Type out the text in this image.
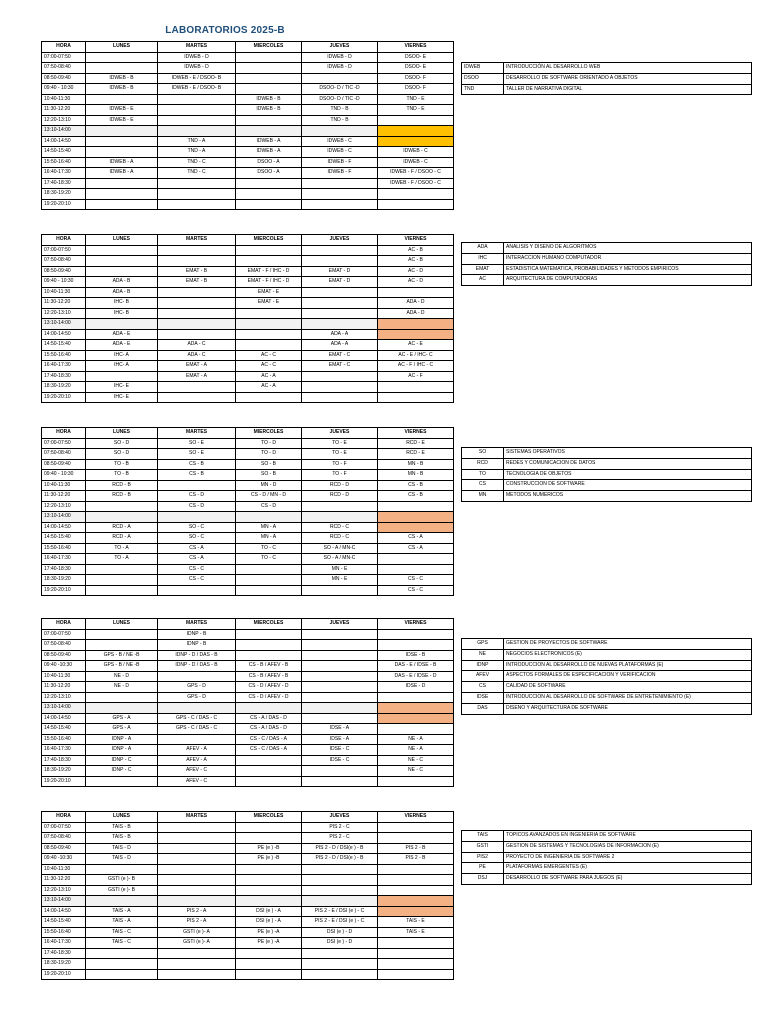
LABORATORIOS 2025-B
HORA	LUNES	MARTES	MIERCOLES	JUEVES	VIERNES
07:00-07:50		IDWEB - D		IDWEB - D	DSOO- E
07:50-08:40		IDWEB - D		IDWEB - D	DSOO- E
08:50-09:40	IDWEB - B	IDWEB - E / DSOO- B			DSOO- F
09:40 - 10:30	IDWEB - B	IDWEB - E / DSOO- B		DSOO- D / TIC -D	DSOO- F
10:40-11:30			IDWEB - B	DSOO- D / TIC -D	TND - E
11:30-12:20	IDWEB - E		IDWEB - B	TND - B	TND - E
12:20-13:10	IDWEB - E			TND - B	
13:10-14:00					
14:00-14:50		TND - A	IDWEB - A	IDWEB - C	
14:50-15:40		TND - A	IDWEB - A	IDWEB - C	IDWEB - C
15:50-16:40	IDWEB - A	TND - C	DSOO - A	IDWEB - F	IDWEB - C
16:40-17:30	IDWEB - A	TND - C	DSOO - A	IDWEB - F	IDWEB - F / DSOO - C
17:40-18:30					IDWEB - F / DSOO - C
18:30-19:20					
19:20-20:10					
IDWEB	INTRODUCCIÓN AL DESARROLLO WEB
DSOO	DESARROLLO DE SOFTWARE ORIENTADO A OBJETOS
TND	TALLER DE NARRATIVA DIGITAL
HORA	LUNES	MARTES	MIERCOLES	JUEVES	VIERNES
07:00-07:50					AC - B
07:50-08:40					AC - B
08:50-09:40		EMAT - B	EMAT - F / IHC - D	EMAT - D	AC - D
09:40 - 10:30	ADA - B	EMAT - B	EMAT - F / IHC - D	EMAT - D	AC - D
10:40-11:30	ADA - B		EMAT - E		
11:30-12:20	IHC- B		EMAT - E		ADA - D
12:20-13:10	IHC- B				ADA - D
13:10-14:00					
14:00-14:50	ADA - E			ADA - A	
14:50-15:40	ADA - E	ADA - C		ADA - A	AC - E
15:50-16:40	IHC- A	ADA - C	AC - C	EMAT - C	AC - E / IHC- C
16:40-17:30	IHC- A	EMAT - A	AC - C	EMAT - C	AC - F / IHC - C
17:40-18:30		EMAT - A	AC - A		AC - F
18:30-19:20	IHC- E		AC - A		
19:20-20:10	IHC- E				
ADA	ANALISIS Y DISENO DE ALGORITMOS
IHC	INTERACCION HUMANO COMPUTADOR
EMAT	ESTADISTICA MATEMATICA, PROBABILIDADES Y METODOS EMPIRICOS
AC	ARQUITECTURA DE COMPUTADORAS
HORA	LUNES	MARTES	MIERCOLES	JUEVES	VIERNES
07:00-07:50	SO - D	SO - E	TO - D	TO - E	RCD - E
07:50-08:40	SO - D	SO - E	TO - D	TO - E	RCD - E
08:50-09:40	TO - B	CS - B	SO - B	TO - F	MN - B
09:40 - 10:30	TO - B	CS - B	SO - B	TO - F	MN - B
10:40-11:30	RCD - B		MN - D	RCD - D	CS - B
11:30-12:20	RCD - B	CS - D	CS - D / MN - D	RCD - D	CS - B
12:20-13:10		CS - D	CS - D		
13:10-14:00					
14:00-14:50	RCD - A	SO - C	MN - A	RCD - C	
14:50-15:40	RCD - A	SO - C	MN - A	RCD - C	CS - A
15:50-16:40	TO - A	CS - A	TO - C	SO - A / MN-C	CS - A
16:40-17:30	TO - A	CS - A	TO - C	SO - A / MN-C	
17:40-18:30		CS - C		MN - E	
18:30-19:20		CS - C		MN - E	CS - C
19:20-20:10					CS - C
SO	SISTEMAS OPERATIVOS
RCD	REDES Y COMUNICACION DE DATOS
TO	TECNOLOGIA DE OBJETOS
CS	CONSTRUCCION DE SOFTWARE
MN	METODOS NUMERICOS
HORA	LUNES	MARTES	MIERCOLES	JUEVES	VIERNES
07:00-07:50		IDNP - B			
07:50-08:40		IDNP - B			
08:50-09:40	GPS - B / NE -B	IDNP - D / DAS - B			IDSE - B
09:40 -10:30	GPS - B / NE -B	IDNP - D / DAS - B	CS - B / AFEV - B		DAS - E / IDSE - B
10:40-11:30	NE - D		CS - B / AFEV - B		DAS - E / IDSE - D
11:30-12:20	NE - D	GPS - D	CS - D / AFEV - D		IDSE - D
12:20-13:10		GPS - D	CS - D / AFEV - D		
13:10-14:00					
14:00-14:50	GPS - A	GPS - C / DAS - C	CS - A / DAS - D		
14:50-15:40	GPS - A	GPS - C / DAS - C	CS - A / DAS - D	IDSE - A	
15:50-16:40	IDNP - A		CS - C / DAS - A	IDSE - A	NE - A
16:40-17:30	IDNP - A	AFEV - A	CS - C / DAS - A	IDSE - C	NE - A
17:40-18:30	IDNP - C	AFEV - A		IDSE - C	NE - C
18:30-19:20	IDNP - C	AFEV - C			NE - C
19:20-20:10		AFEV - C			
GPS	GESTION DE PROYECTOS DE SOFTWARE
NE	NEGOCIOS ELECTRONICOS (E)
IDNP	INTRODUCCION AL DESARROLLO DE NUEVAS PLATAFORMAS (E)
AFEV	ASPECTOS FORMALES DE ESPECIFICACION Y VERIFICACION
CS	CALIDAD DE SOFTWARE
IDSE	INTRODUCCION AL DESARROLLO DE SOFTWARE DE ENTRETENIMIENTO (E)
DAS	DISENO Y ARQUITECTURA DE SOFTWARE
HORA	LUNES	MARTES	MIERCOLES	JUEVES	VIERNES
07:00-07:50	TAIS - B			PIS 2 - C	
07:50-08:40	TAIS - B			PIS 2 - C	
08:50-09:40	TAIS - D		PE (e ) -B	PIS 2 - D / DSI(e ) - B	PIS 2 - B
09:40 -10:30	TAIS - D		PE (e ) -B	PIS 2 - D / DSI(e ) - B	PIS 2 - B
10:40-11:30					
11:30-12:20	GSTI (e )- B				
12:20-13:10	GSTI (e )- B				
13:10-14:00					
14:00-14:50	TAIS - A	PIS 2 - A	DSI (e ) - A	PIS 2 - E / DSI (e ) - C	
14:50-15:40	TAIS - A	PIS 2 - A	DSI (e ) - A	PIS 2 - E / DSI (e ) - C	TAIS - E
15:50-16:40	TAIS - C	GSTI (e )- A	PE (e ) -A	DSI (e ) - D	TAIS - E
16:40-17:30	TAIS - C	GSTI (e )- A	PE (e ) -A	DSI (e ) - D	
17:40-18:30					
18:30-19:20					
19:20-20:10					
TAIS	TOPICOS AVANZADOS EN INGENIERIA DE SOFTWARE
GSTI	GESTION DE SISTEMAS Y TECNOLOGIAS DE INFORMACION (E)
PIS2	PROYECTO DE INGENIERIA DE SOFTWARE 2
PE	PLATAFORMAS EMERGENTES (E)
DSJ	DESARROLLO DE SOFTWARE PARA JUEGOS (E)
